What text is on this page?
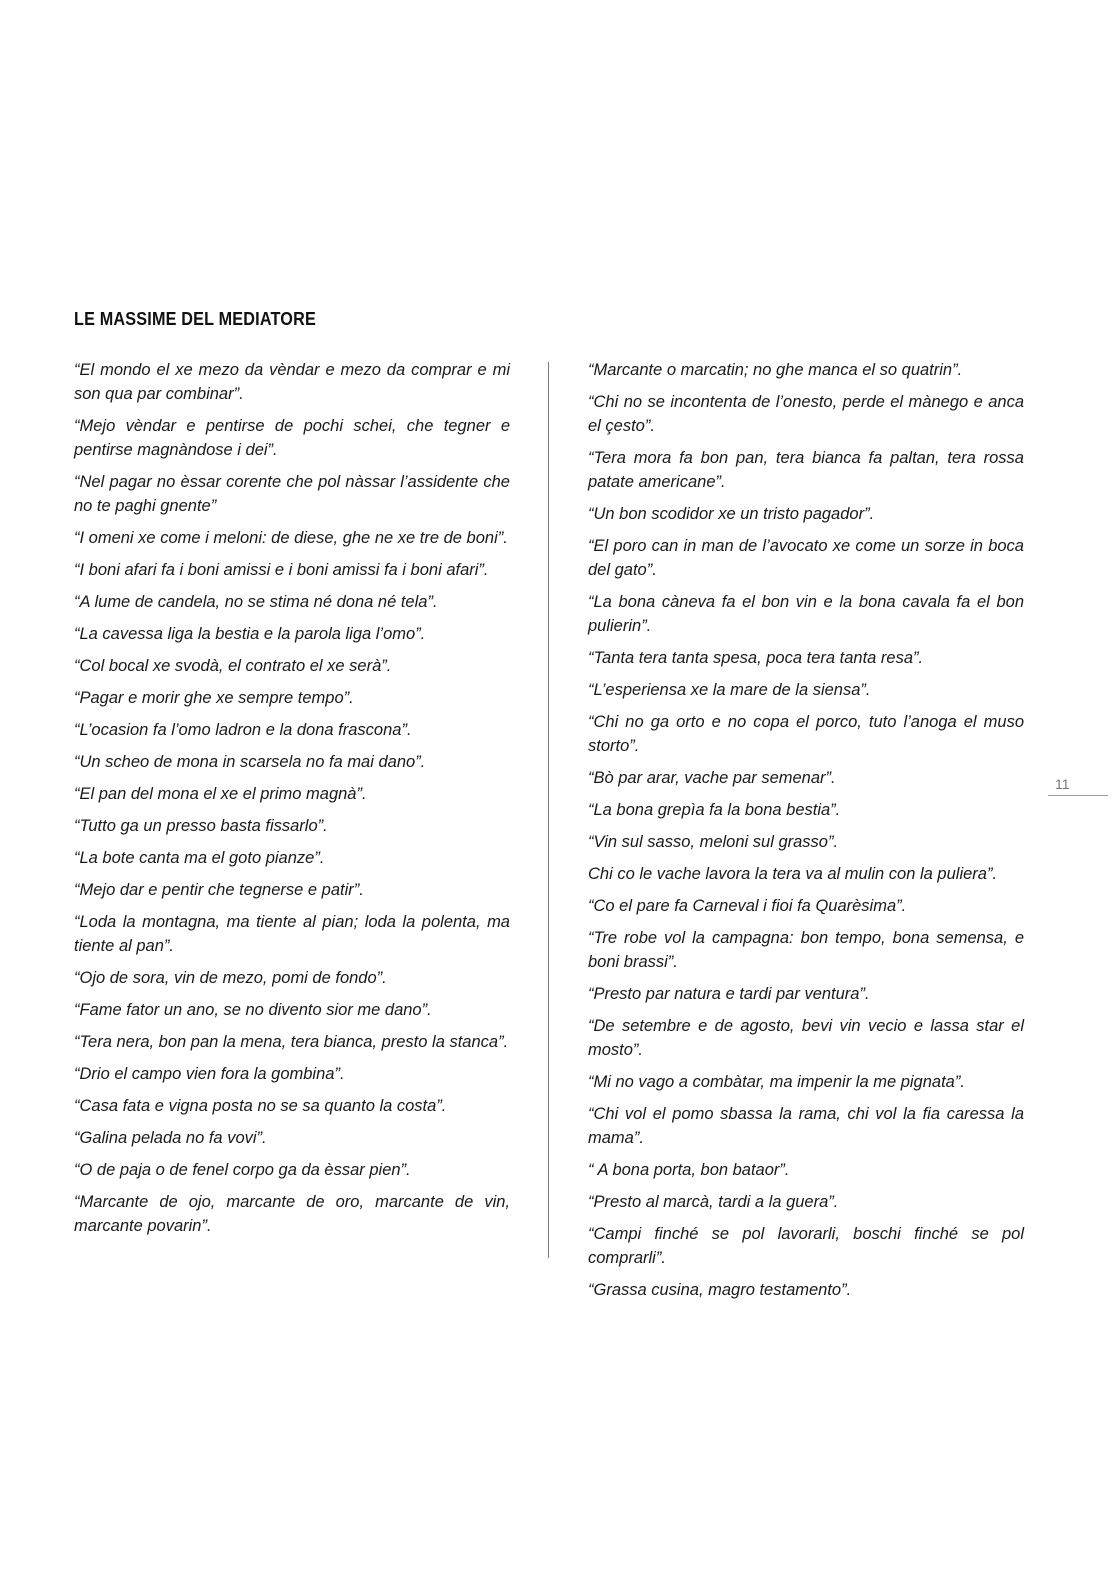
LE MASSIME DEL MEDIATORE
“El mondo el xe mezo da vèndar e mezo da comprar e mi son qua par combinar”.
“Mejo vèndar e pentirse de pochi schei, che tegner e pentirse magnàndose i dei”.
“Nel pagar no èssar corente che pol nàssar l’assidente che no te paghi gnente”
“I omeni xe come i meloni: de diese, ghe ne xe tre de boni”.
“I boni afari fa i boni amissi e i boni amissi fa i boni afari”.
“A lume de candela, no se stima né dona né tela”.
“La cavessa liga la bestia e la parola liga l’omo”.
“Col bocal xe svodà, el contrato el xe serà”.
“Pagar e morir ghe xe sempre tempo”.
“L’ocasion fa l’omo ladron e la dona frascona”.
“Un scheo de mona in scarsela no fa mai dano”.
“El pan del mona el xe el primo magnà”.
“Tutto ga un presso basta fissarlo”.
“La bote canta ma el goto pianze”.
“Mejo dar e pentir che tegnerse e patir”.
“Loda la montagna, ma tiente al pian; loda la polenta, ma tiente al pan”.
“Ojo de sora, vin de mezo, pomi de fondo”.
“Fame fator un ano, se no divento sior me dano”.
“Tera nera, bon pan la mena, tera bianca, presto la stanca”.
“Drio el campo vien fora la gombina”.
“Casa fata e vigna posta no se sa quanto la costa”.
“Galina pelada no fa vovi”.
“O de paja o de fenel corpo ga da èssar pien”.
“Marcante de ojo, marcante de oro, marcante de vin, marcante povarin”.
“Marcante o marcatin; no ghe manca el so quatrin”.
“Chi no se incontenta de l’onesto, perde el mànego e anca el çesto”.
“Tera mora fa bon pan, tera bianca fa paltan, tera rossa patate americane”.
“Un bon scodidor xe un tristo pagador”.
“El poro can in man de l’avocato xe come un sorze in boca del gato”.
“La bona càneva fa el bon vin e la bona cavala fa el bon pulierin”.
“Tanta tera tanta spesa, poca tera tanta resa”.
“L’esperiensa xe la mare de la siensa”.
“Chi no ga orto e no copa el porco, tuto l’anoga el muso storto”.
“Bò par arar, vache par semenar”.
“La bona grepìa fa la bona bestia”.
“Vin sul sasso, meloni sul grasso”.
Chi co le vache lavora la tera va al mulin con la puliera”.
“Co el pare fa Carneval i fioi fa Quarèsima”.
“Tre robe vol la campagna: bon tempo, bona semensa, e boni brassi”.
“Presto par natura e tardi par ventura”.
“De setembre e de agosto, bevi vin vecio e lassa star el mosto”.
“Mi no vago a combàtar, ma impenir la me pignata”.
“Chi vol el pomo sbassa la rama, chi vol la fia caressa la mama”.
“ A bona porta, bon bataor”.
“Presto al marcà, tardi a la guera”.
“Campi finché se pol lavorarli, boschi finché se pol comprarli”.
“Grassa cusina, magro testamento”.
11
